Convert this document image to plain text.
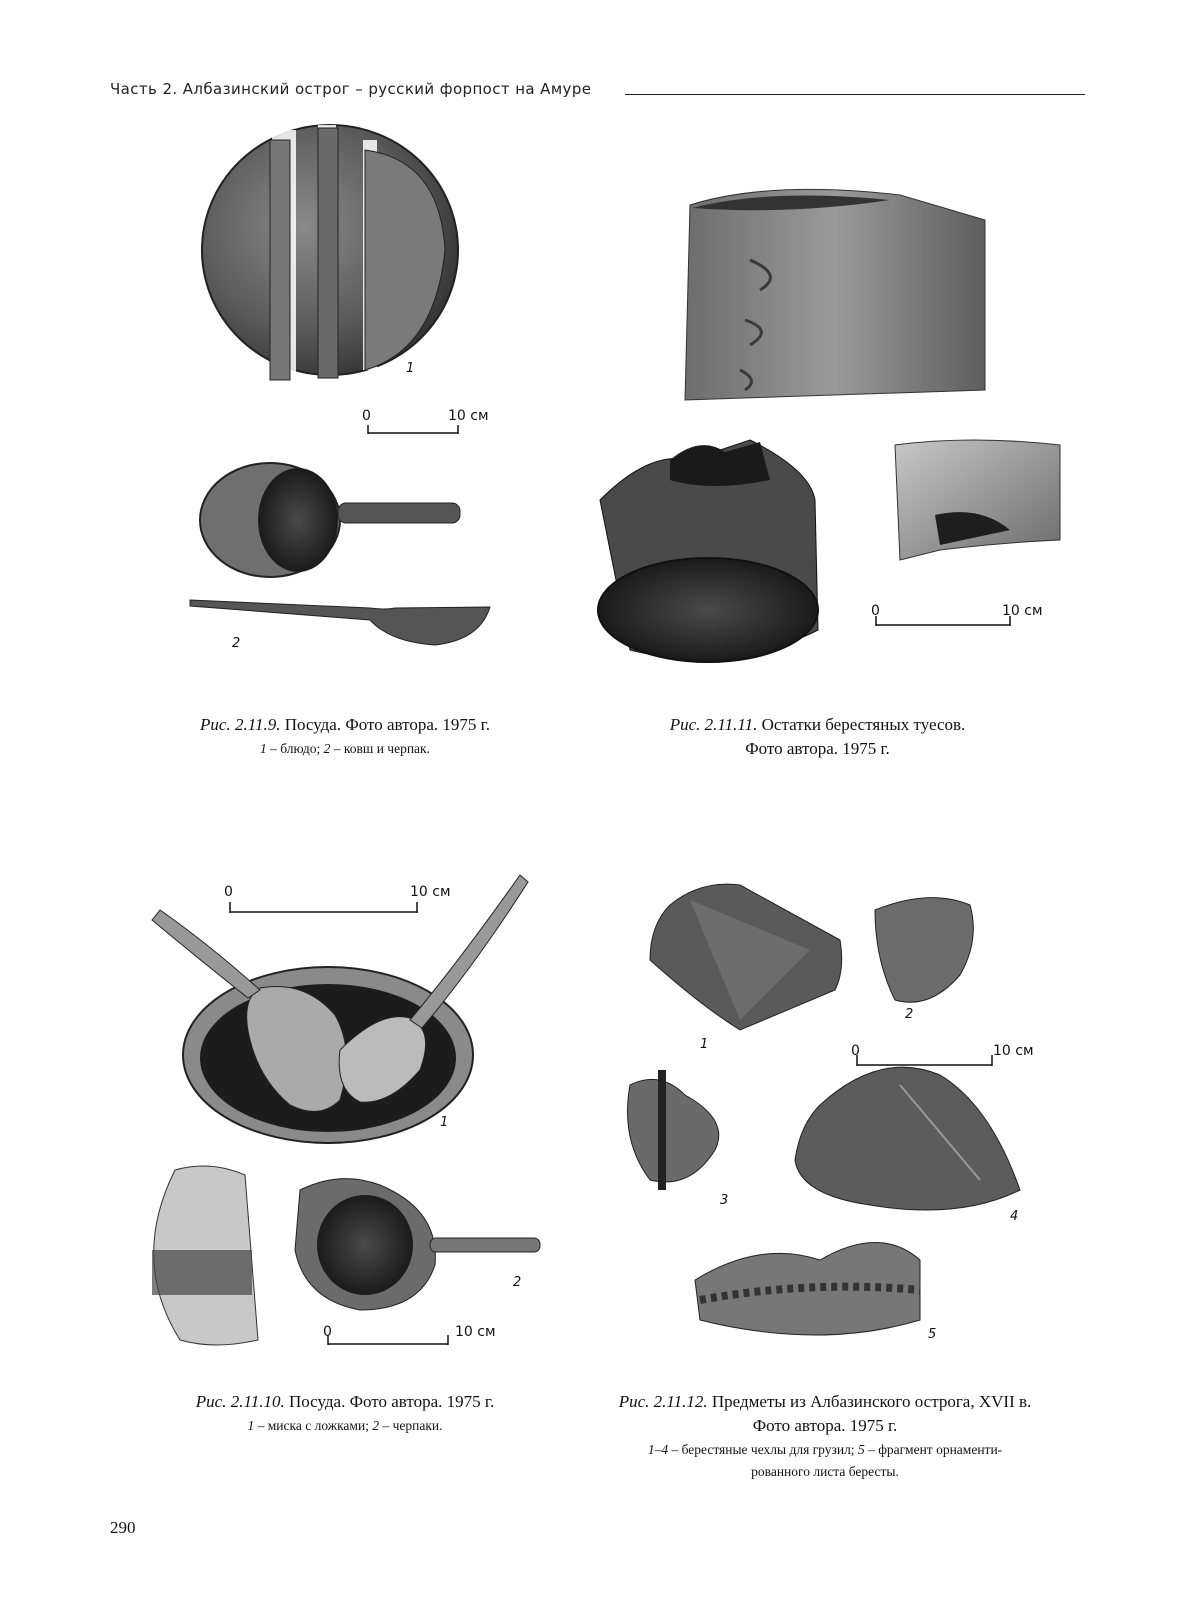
Часть 2. Албазинский острог – русский форпост на Амуре
1
0	10 см
2
Рис. 2.11.9. Посуда. Фото автора. 1975 г.
1 – блюдо; 2 – ковш и черпак.
0	10 см
Рис. 2.11.11. Остатки берестяных туесов.
Фото автора. 1975 г.
0	10 см
1
2
0	10 см
Рис. 2.11.10. Посуда. Фото автора. 1975 г.
1 – миска с ложками; 2 – черпаки.
1
2
0	10 см
3
4
5
Рис. 2.11.12. Предметы из Албазинского острога, XVII в.
Фото автора. 1975 г.
1–4 – берестяные чехлы для грузил; 5 – фрагмент орнаменти-
рованного листа бересты.
290
